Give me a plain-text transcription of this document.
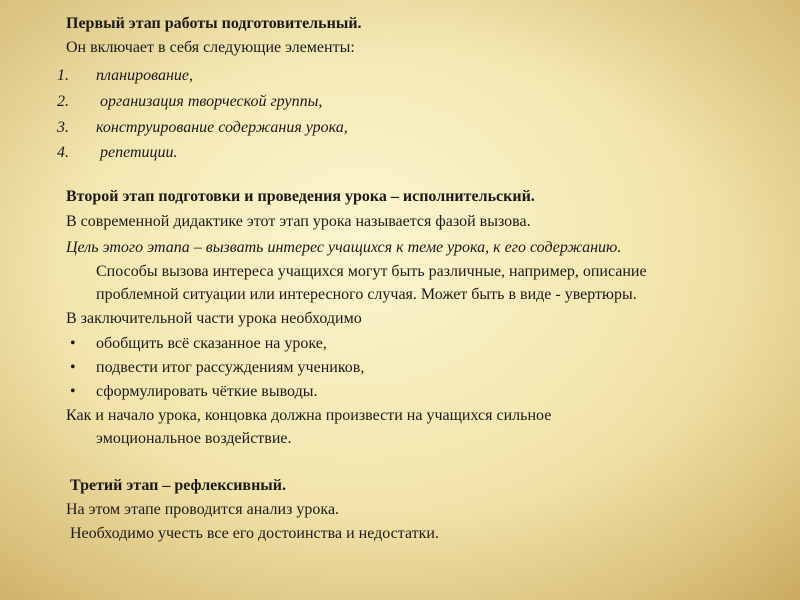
Первый этап работы подготовительный.
Он включает в себя следующие элементы:
1.	планирование,
2.	организация творческой группы,
3.	конструирование содержания урока,
4.	репетиции.
Второй этап подготовки и проведения урока – исполнительский.
В современной дидактике этот этап урока называется фазой вызова.
Цель этого этапа – вызвать интерес учащихся к теме урока, к его содержанию.
Способы вызова интереса учащихся могут быть различные, например, описание
проблемной ситуации или интересного случая. Может быть в виде - увертюры.
В заключительной части урока необходимо
• обобщить всё сказанное на уроке,
• подвести итог рассуждениям учеников,
• сформулировать чёткие выводы.
Как и начало урока, концовка должна произвести на учащихся сильное
эмоциональное воздействие.
Третий этап – рефлексивный.
На этом этапе проводится анализ урока.
Необходимо учесть все его достоинства и недостатки.
